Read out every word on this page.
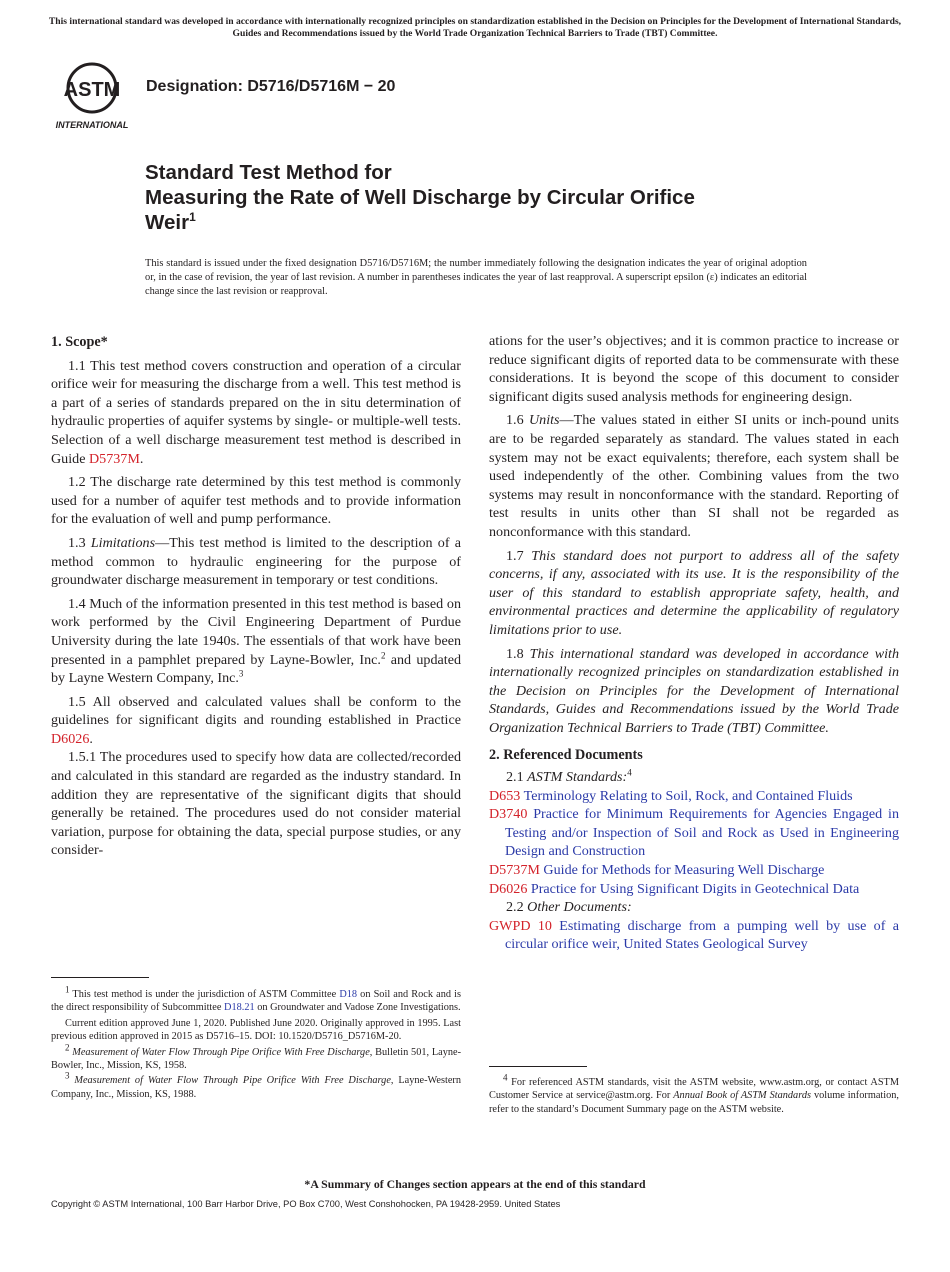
This international standard was developed in accordance with internationally recognized principles on standardization established in the Decision on Principles for the Development of International Standards, Guides and Recommendations issued by the World Trade Organization Technical Barriers to Trade (TBT) Committee.
ASTM
INTERNATIONAL
Designation: D5716/D5716M − 20
Standard Test Method for
Measuring the Rate of Well Discharge by Circular Orifice
Weir$^1$
This standard is issued under the fixed designation D5716/D5716M; the number immediately following the designation indicates the year of original adoption or, in the case of revision, the year of last revision. A number in parentheses indicates the year of last reapproval. A superscript epsilon (ε) indicates an editorial change since the last revision or reapproval.
1. Scope*

1.1 This test method covers construction and operation of a circular orifice weir for measuring the discharge from a well. This test method is a part of a series of standards prepared on the in situ determination of hydraulic properties of aquifer systems by single- or multiple-well tests. Selection of a well discharge measurement test method is described in Guide D5737M.

1.2 The discharge rate determined by this test method is commonly used for a number of aquifer test methods and to provide information for the evaluation of well and pump performance.

1.3 Limitations—This test method is limited to the description of a method common to hydraulic engineering for the purpose of groundwater discharge measurement in temporary or test conditions.

1.4 Much of the information presented in this test method is based on work performed by the Civil Engineering Department of Purdue University during the late 1940s. The essentials of that work have been presented in a pamphlet prepared by Layne-Bowler, Inc.$^2$ and updated by Layne Western Company, Inc.$^3$

1.5 All observed and calculated values shall be conform to the guidelines for significant digits and rounding established in Practice D6026.

1.5.1 The procedures used to specify how data are collected/recorded and calculated in this standard are regarded as the industry standard. In addition they are representative of the significant digits that should generally be retained. The procedures used do not consider material variation, purpose for obtaining the data, special purpose studies, or any consider-

$^1$ This test method is under the jurisdiction of ASTM Committee D18 on Soil and Rock and is the direct responsibility of Subcommittee D18.21 on Groundwater and Vadose Zone Investigations.

Current edition approved June 1, 2020. Published June 2020. Originally approved in 1995. Last previous edition approved in 2015 as D5716–15. DOI: 10.1520/D5716_D5716M-20.

$^2$ Measurement of Water Flow Through Pipe Orifice With Free Discharge, Bulletin 501, Layne-Bowler, Inc., Mission, KS, 1958.

$^3$ Measurement of Water Flow Through Pipe Orifice With Free Discharge, Layne-Western Company, Inc., Mission, KS, 1988.

ations for the user’s objectives; and it is common practice to increase or reduce significant digits of reported data to be commensurate with these considerations. It is beyond the scope of this document to consider significant digits sused analysis methods for engineering design.

1.6 Units—The values stated in either SI units or inch-pound units are to be regarded separately as standard. The values stated in each system may not be exact equivalents; therefore, each system shall be used independently of the other. Combining values from the two systems may result in nonconformance with the standard. Reporting of test results in units other than SI shall not be regarded as nonconformance with this standard.

1.7 This standard does not purport to address all of the safety concerns, if any, associated with its use. It is the responsibility of the user of this standard to establish appropriate safety, health, and environmental practices and determine the applicability of regulatory limitations prior to use.

1.8 This international standard was developed in accordance with internationally recognized principles on standardization established in the Decision on Principles for the Development of International Standards, Guides and Recommendations issued by the World Trade Organization Technical Barriers to Trade (TBT) Committee.

2. Referenced Documents

2.1 ASTM Standards:$^4$

D653 Terminology Relating to Soil, Rock, and Contained Fluids

D3740 Practice for Minimum Requirements for Agencies Engaged in Testing and/or Inspection of Soil and Rock as Used in Engineering Design and Construction

D5737M Guide for Methods for Measuring Well Discharge

D6026 Practice for Using Significant Digits in Geotechnical Data

2.2 Other Documents:

GWPD 10 Estimating discharge from a pumping well by use of a circular orifice weir, United States Geological Survey

$^4$ For referenced ASTM standards, visit the ASTM website, www.astm.org, or contact ASTM Customer Service at service@astm.org. For Annual Book of ASTM Standards volume information, refer to the standard’s Document Summary page on the ASTM website.

*A Summary of Changes section appears at the end of this standard
Copyright © ASTM International, 100 Barr Harbor Drive, PO Box C700, West Conshohocken, PA 19428-2959. United States
